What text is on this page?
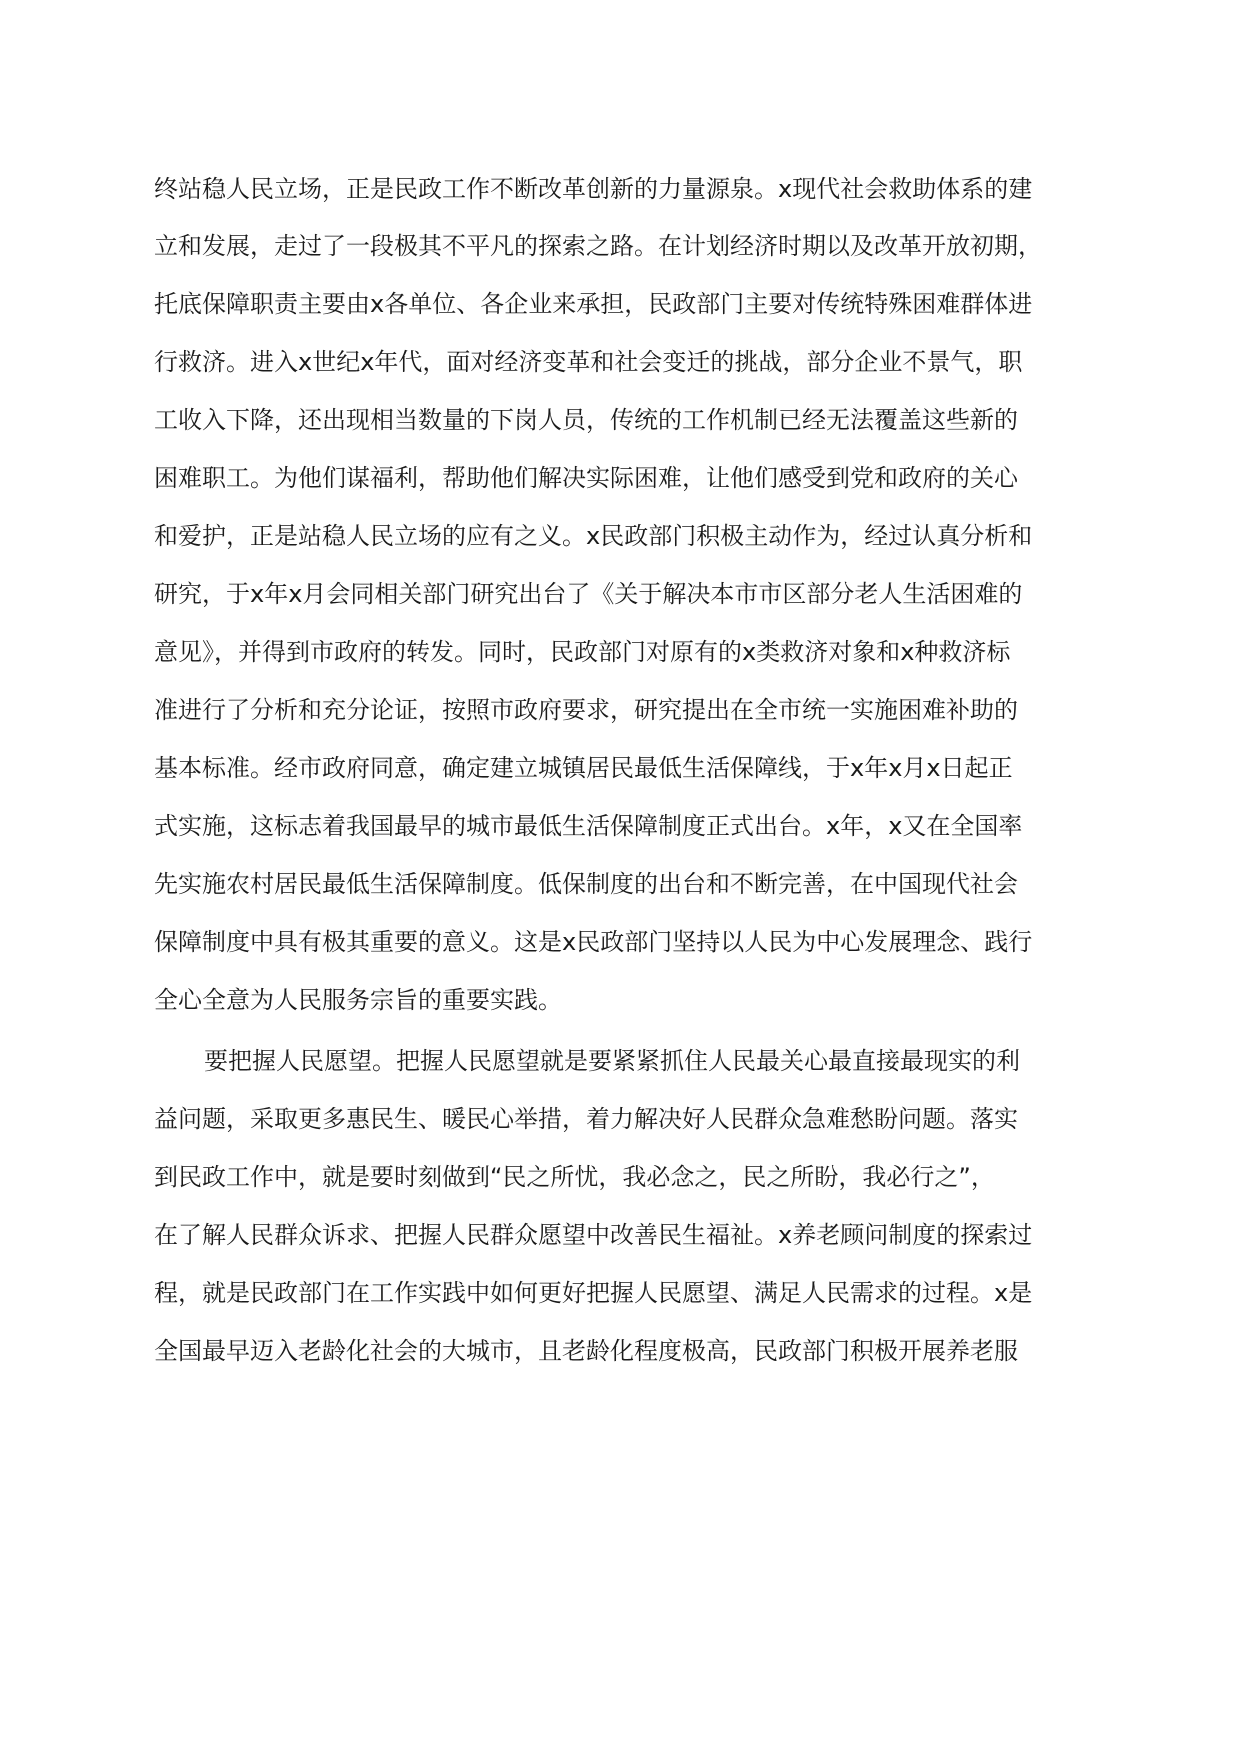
终站稳人民立场，正是民政工作不断改革创新的力量源泉。x现代社会救助体系的建
立和发展，走过了一段极其不平凡的探索之路。在计划经济时期以及改革开放初期，
托底保障职责主要由x各单位、各企业来承担，民政部门主要对传统特殊困难群体进
行救济。进入x世纪x年代，面对经济变革和社会变迁的挑战，部分企业不景气，职
工收入下降，还出现相当数量的下岗人员，传统的工作机制已经无法覆盖这些新的
困难职工。为他们谋福利，帮助他们解决实际困难，让他们感受到党和政府的关心
和爱护，正是站稳人民立场的应有之义。x民政部门积极主动作为，经过认真分析和
研究，于x年x月会同相关部门研究出台了《关于解决本市市区部分老人生活困难的
意见》，并得到市政府的转发。同时，民政部门对原有的x类救济对象和x种救济标
准进行了分析和充分论证，按照市政府要求，研究提出在全市统一实施困难补助的
基本标准。经市政府同意，确定建立城镇居民最低生活保障线，于x年x月x日起正
式实施，这标志着我国最早的城市最低生活保障制度正式出台。x年，x又在全国率
先实施农村居民最低生活保障制度。低保制度的出台和不断完善，在中国现代社会
保障制度中具有极其重要的意义。这是x民政部门坚持以人民为中心发展理念、践行
全心全意为人民服务宗旨的重要实践。
要把握人民愿望。把握人民愿望就是要紧紧抓住人民最关心最直接最现实的利
益问题，采取更多惠民生、暖民心举措，着力解决好人民群众急难愁盼问题。落实
到民政工作中，就是要时刻做到“民之所忧，我必念之，民之所盼，我必行之”，
在了解人民群众诉求、把握人民群众愿望中改善民生福祉。x养老顾问制度的探索过
程，就是民政部门在工作实践中如何更好把握人民愿望、满足人民需求的过程。x是
全国最早迈入老龄化社会的大城市，且老龄化程度极高，民政部门积极开展养老服
